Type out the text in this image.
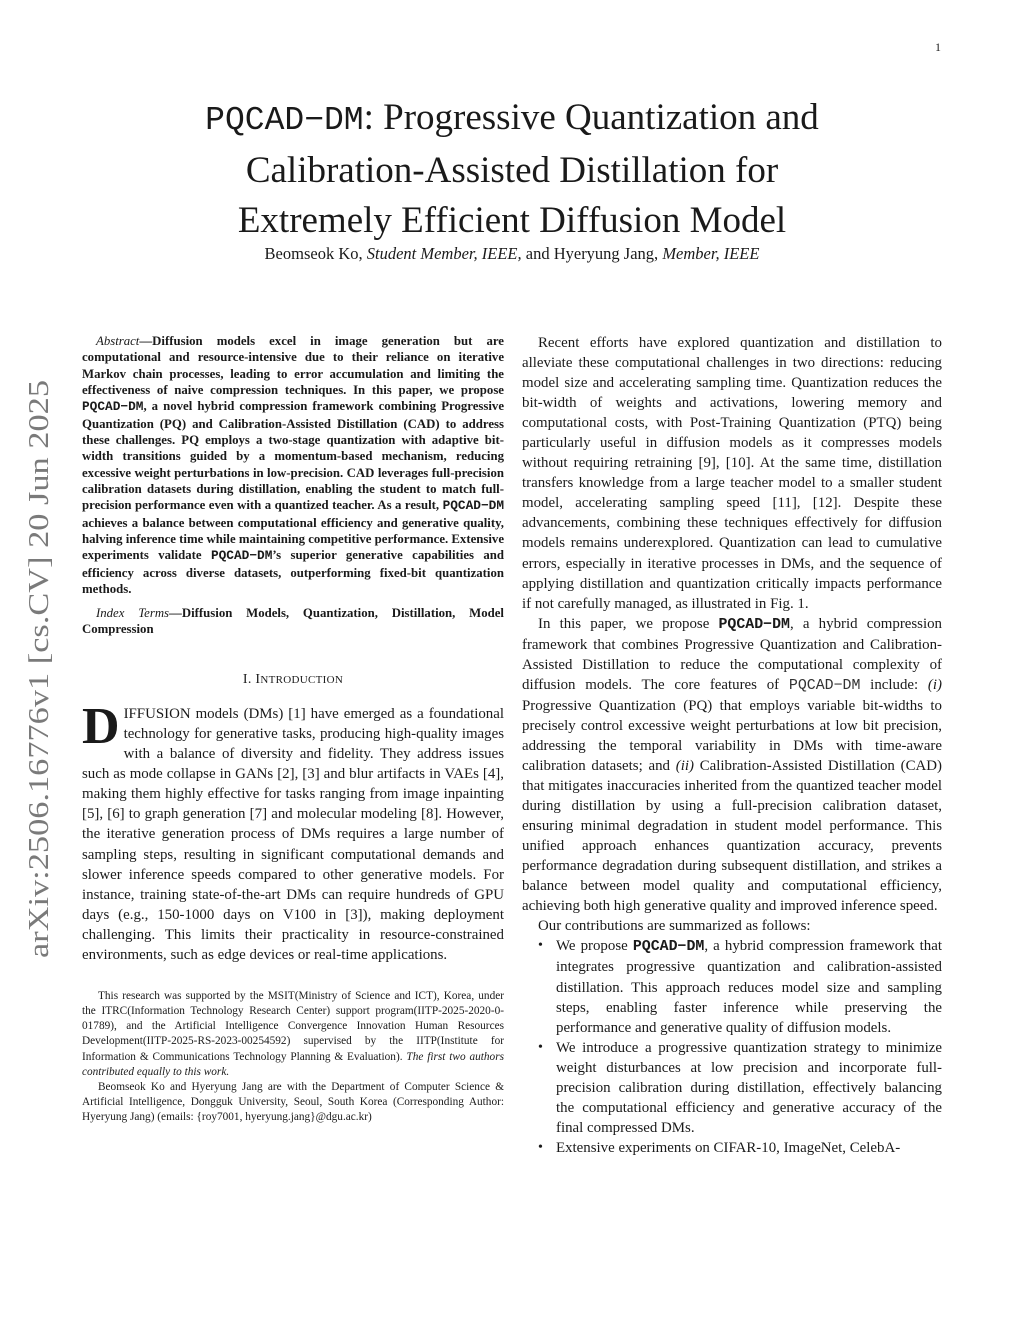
1
PQCAD−DM: Progressive Quantization and
Calibration-Assisted Distillation for
Extremely Efficient Diffusion Model
Beomseok Ko, Student Member, IEEE, and Hyeryung Jang, Member, IEEE
arXiv:2506.16776v1 [cs.CV] 20 Jun 2025

Abstract—Diffusion models excel in image generation but are computational and resource-intensive due to their reliance on iterative Markov chain processes, leading to error accumulation and limiting the effectiveness of naive compression techniques. In this paper, we propose PQCAD−DM, a novel hybrid compression framework combining Progressive Quantization (PQ) and Calibration-Assisted Distillation (CAD) to address these challenges. PQ employs a two-stage quantization with adaptive bit-width transitions guided by a momentum-based mechanism, reducing excessive weight perturbations in low-precision. CAD leverages full-precision calibration datasets during distillation, enabling the student to match full-precision performance even with a quantized teacher. As a result, PQCAD−DM achieves a balance between computational efficiency and generative quality, halving inference time while maintaining competitive performance. Extensive experiments validate PQCAD−DM’s superior generative capabilities and efficiency across diverse datasets, outperforming fixed-bit quantization methods.

Index Terms—Diffusion Models, Quantization, Distillation, Model Compression

I. INTRODUCTION

DIFFUSION models (DMs) [1] have emerged as a foundational technology for generative tasks, producing high-quality images with a balance of diversity and fidelity. They address issues such as mode collapse in GANs [2], [3] and blur artifacts in VAEs [4], making them highly effective for tasks ranging from image inpainting [5], [6] to graph generation [7] and molecular modeling [8]. However, the iterative generation process of DMs requires a large number of sampling steps, resulting in significant computational demands and slower inference speeds compared to other generative models. For instance, training state-of-the-art DMs can require hundreds of GPU days (e.g., 150-1000 days on V100 in [3]), making deployment challenging. This limits their practicality in resource-constrained environments, such as edge devices or real-time applications.

This research was supported by the MSIT(Ministry of Science and ICT), Korea, under the ITRC(Information Technology Research Center) support program(IITP-2025-2020-0-01789), and the Artificial Intelligence Convergence Innovation Human Resources Development(IITP-2025-RS-2023-00254592) supervised by the IITP(Institute for Information & Communications Technology Planning & Evaluation). The first two authors contributed equally to this work.

Beomseok Ko and Hyeryung Jang are with the Department of Computer Science & Artificial Intelligence, Dongguk University, Seoul, South Korea (Corresponding Author: Hyeryung Jang) (emails: {roy7001, hyeryung.jang}@dgu.ac.kr)

Recent efforts have explored quantization and distillation to alleviate these computational challenges in two directions: reducing model size and accelerating sampling time. Quantization reduces the bit-width of weights and activations, lowering memory and computational costs, with Post-Training Quantization (PTQ) being particularly useful in diffusion models as it compresses models without requiring retraining [9], [10]. At the same time, distillation transfers knowledge from a large teacher model to a smaller student model, accelerating sampling speed [11], [12]. Despite these advancements, combining these techniques effectively for diffusion models remains underexplored. Quantization can lead to cumulative errors, especially in iterative processes in DMs, and the sequence of applying distillation and quantization critically impacts performance if not carefully managed, as illustrated in Fig. 1.

In this paper, we propose PQCAD−DM, a hybrid compression framework that combines Progressive Quantization and Calibration-Assisted Distillation to reduce the computational complexity of diffusion models. The core features of PQCAD−DM include: (i) Progressive Quantization (PQ) that employs variable bit-widths to precisely control excessive weight perturbations at low bit precision, addressing the temporal variability in DMs with time-aware calibration datasets; and (ii) Calibration-Assisted Distillation (CAD) that mitigates inaccuracies inherited from the quantized teacher model during distillation by using a full-precision calibration dataset, ensuring minimal degradation in student model performance. This unified approach enhances quantization accuracy, prevents performance degradation during subsequent distillation, and strikes a balance between model quality and computational efficiency, achieving both high generative quality and improved inference speed.

Our contributions are summarized as follows:

• We propose PQCAD−DM, a hybrid compression framework that integrates progressive quantization and calibration-assisted distillation. This approach reduces model size and sampling steps, enabling faster inference while preserving the performance and generative quality of diffusion models.
• We introduce a progressive quantization strategy to minimize weight disturbances at low precision and incorporate full-precision calibration during distillation, effectively balancing the computational efficiency and generative accuracy of the final compressed DMs.
• Extensive experiments on CIFAR-10, ImageNet, CelebA-
